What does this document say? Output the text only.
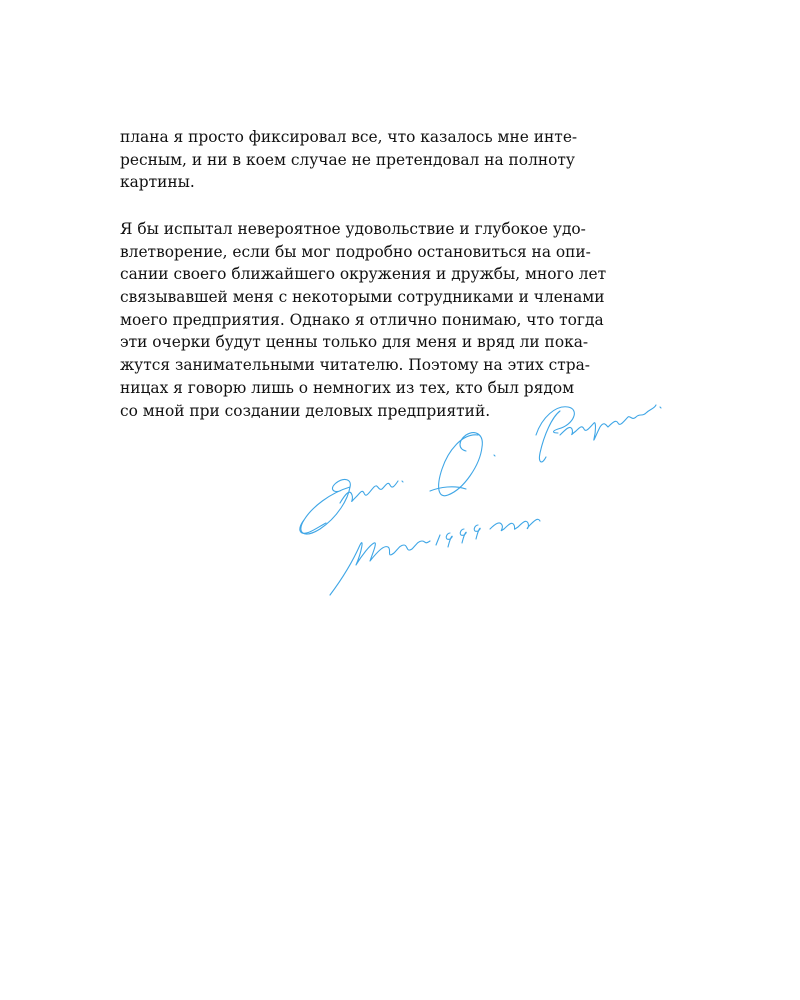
плана я просто фиксировал все, что казалось мне инте-
ресным, и ни в коем случае не претендовал на полноту
картины.
Я бы испытал невероятное удовольствие и глубокое удо-
влетворение, если бы мог подробно остановиться на опи-
сании своего ближайшего окружения и дружбы, много лет
связывавшей меня с некоторыми сотрудниками и членами
моего предприятия. Однако я отлично понимаю, что тогда
эти очерки будут ценны только для меня и вряд ли пока-
жутся занимательными читателю. Поэтому на этих стра-
ницах я говорю лишь о немногих из тех, кто был рядом
со мной при создании деловых предприятий.
